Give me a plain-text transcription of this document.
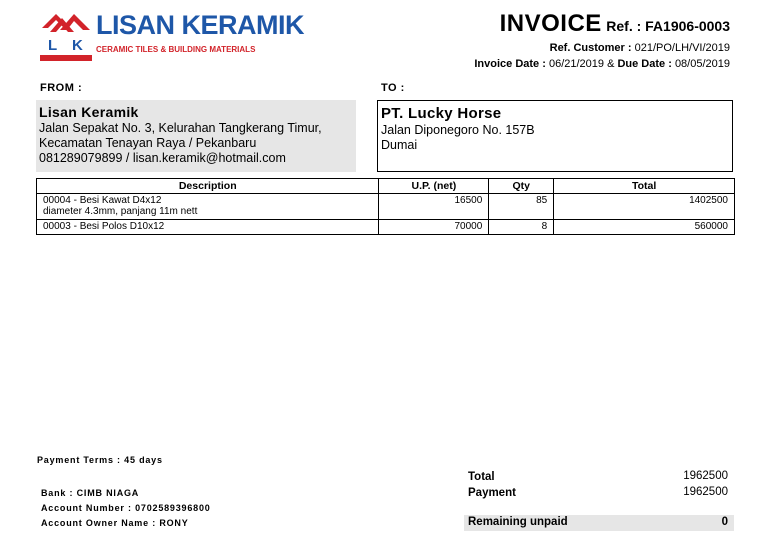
L K
LISAN KERAMIK
CERAMIC TILES & BUILDING MATERIALS
INVOICE Ref. : FA1906-0003
Ref. Customer : 021/PO/LH/VI/2019
Invoice Date : 06/21/2019 & Due Date : 08/05/2019
FROM :	TO :
Lisan Keramik
Jalan Sepakat No. 3, Kelurahan Tangkerang Timur,
Kecamatan Tenayan Raya / Pekanbaru
081289079899 / lisan.keramik@hotmail.com
PT. Lucky Horse
Jalan Diponegoro No. 157B
Dumai
Description	U.P. (net)	Qty	Total

00004 - Besi Kawat D4x12
diameter 4.3mm, panjang 11m nett	16500	85	1402500

00003 - Besi Polos D10x12	70000	8	560000
Payment Terms : 45 days
Bank : CIMB NIAGA
Account Number : 0702589396800
Account Owner Name : RONY
Total	1962500
Payment	1962500
Remaining unpaid	0
